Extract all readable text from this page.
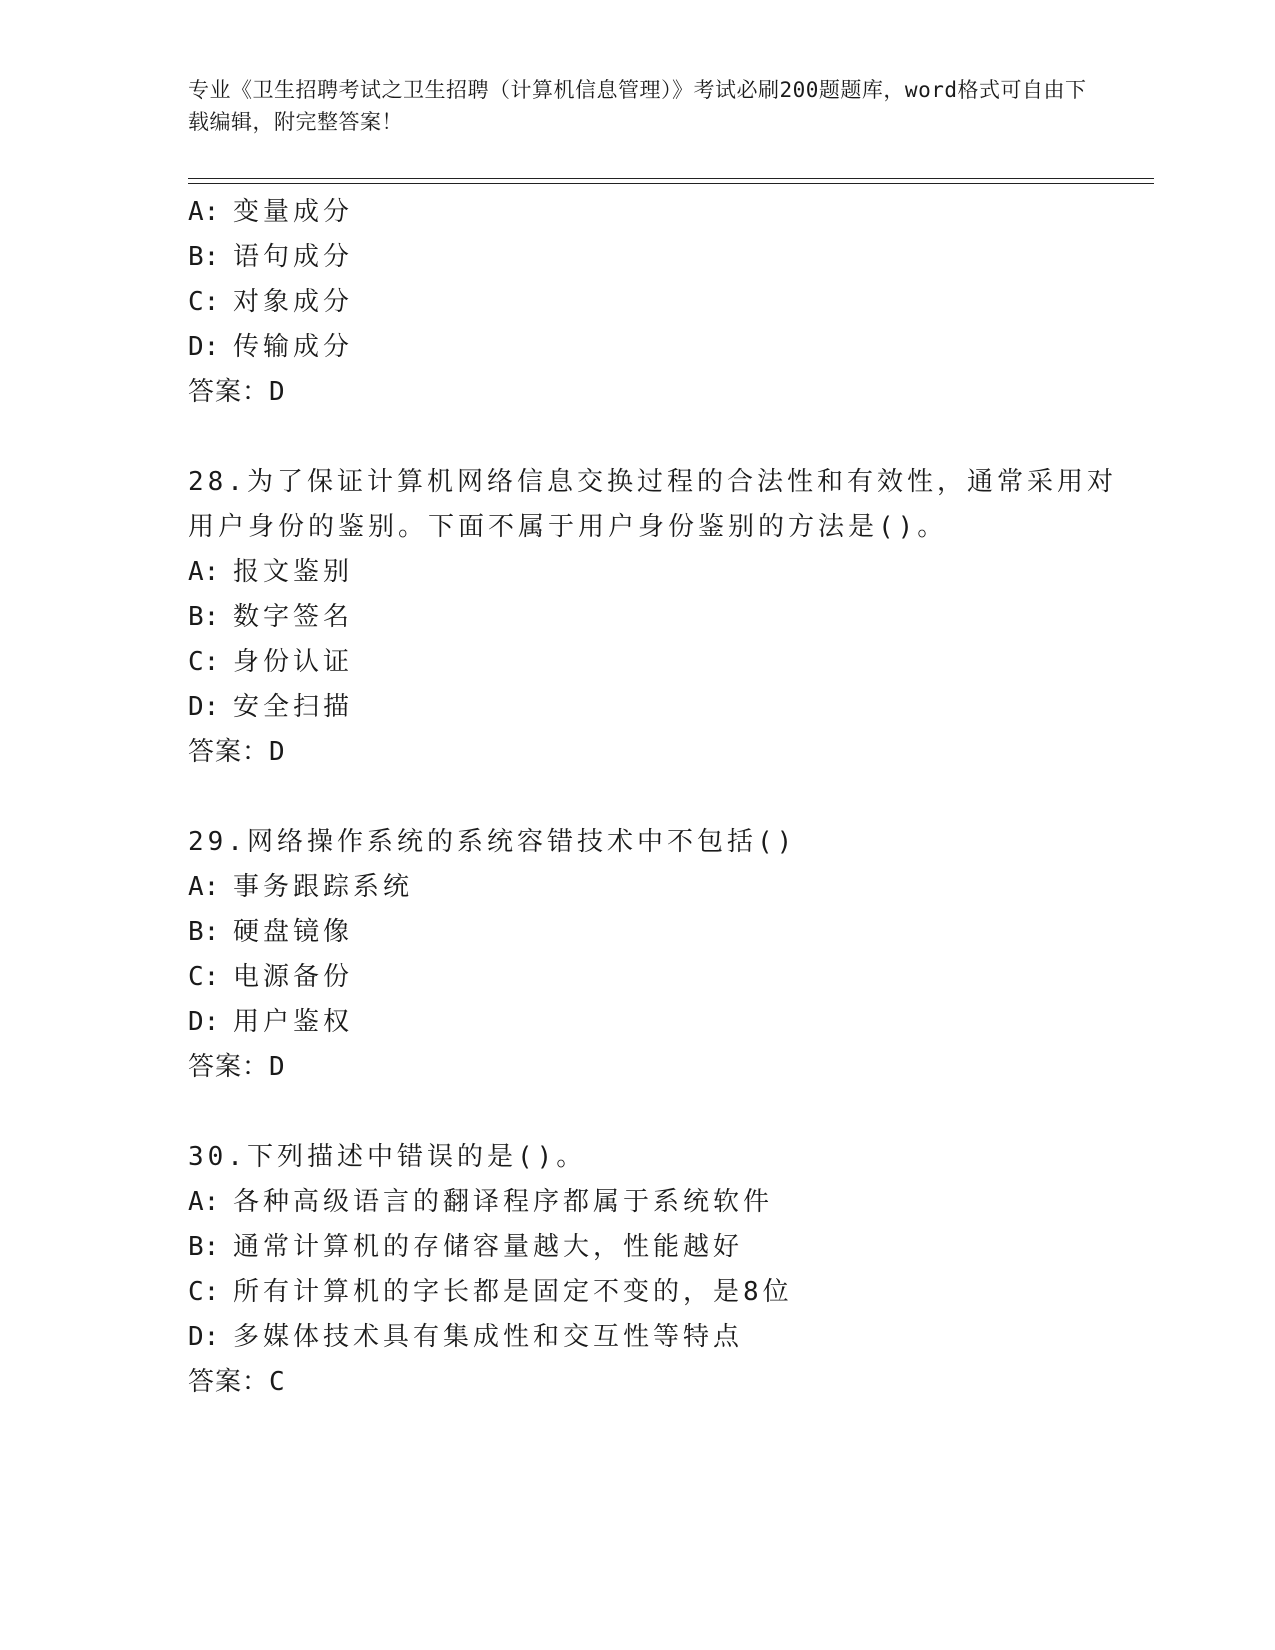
专业《卫生招聘考试之卫生招聘（计算机信息管理）》考试必刷200题题库，word格式可自由下载编辑，附完整答案！
A: 变量成分
B: 语句成分
C: 对象成分
D: 传输成分
答案：D
28.为了保证计算机网络信息交换过程的合法性和有效性，通常采用对
用户身份的鉴别。下面不属于用户身份鉴别的方法是()。
A: 报文鉴别
B: 数字签名
C: 身份认证
D: 安全扫描
答案：D
29.网络操作系统的系统容错技术中不包括()
A: 事务跟踪系统
B: 硬盘镜像
C: 电源备份
D: 用户鉴权
答案：D
30.下列描述中错误的是()。
A: 各种高级语言的翻译程序都属于系统软件
B: 通常计算机的存储容量越大，性能越好
C: 所有计算机的字长都是固定不变的，是8位
D: 多媒体技术具有集成性和交互性等特点
答案：C
